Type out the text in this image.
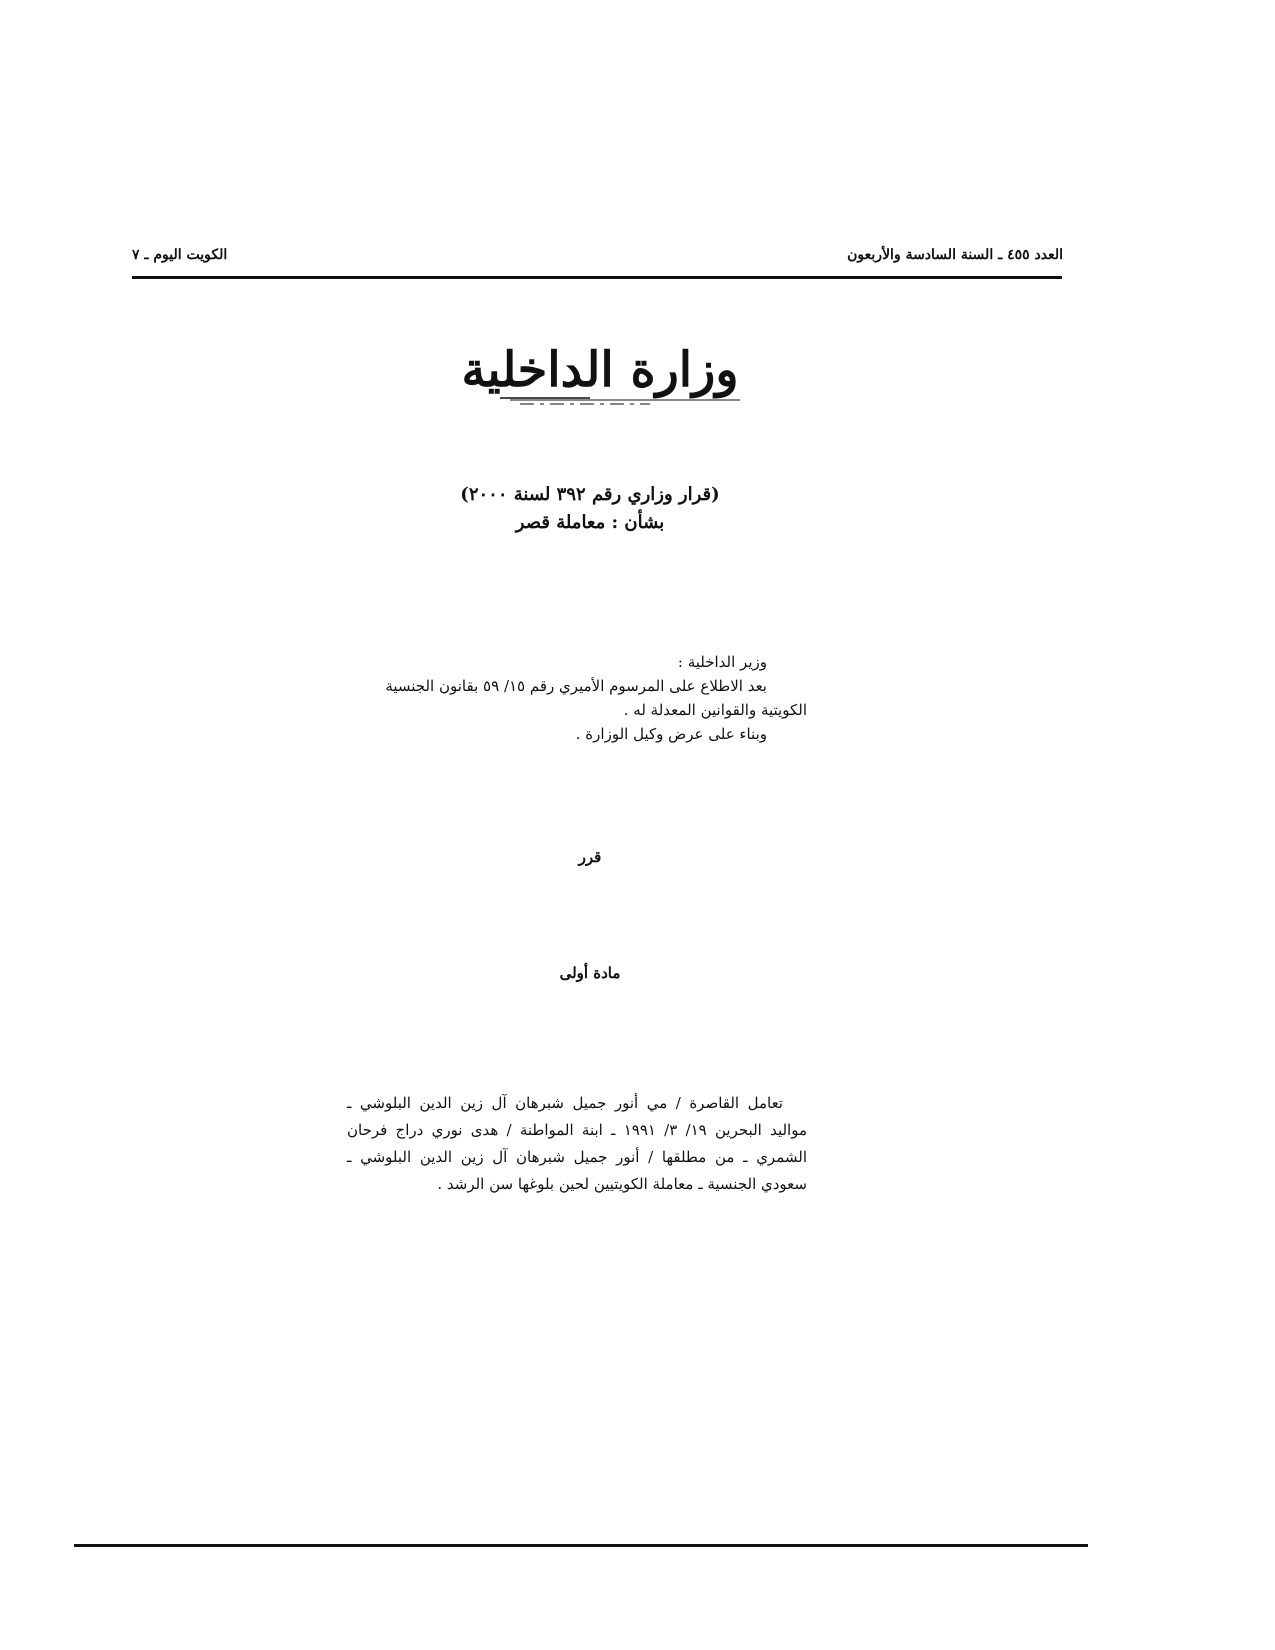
العدد ٤٥٥ ـ السنة السادسة والأربعون
الكويت اليوم ـ ٧
وزارة الداخلية
(قرار وزاري رقم ٣٩٢ لسنة ٢٠٠٠)
بشأن : معاملة قصر
وزير الداخلية :
بعد الاطلاع على المرسوم الأميري رقم ١٥/ ٥٩ بقانون الجنسية
الكويتية والقوانين المعدلة له .
وبناء على عرض وكيل الوزارة .
قرر
مادة أولى
تعامل القاصرة / مي أنور جميل شبرهان آل زين الدين البلوشي ـ مواليد البحرين ١٩/ ٣/ ١٩٩١ ـ ابنة المواطنة / هدى نوري دراج فرحان الشمري ـ من مطلقها / أنور جميل شبرهان آل زين الدين البلوشي ـ سعودي الجنسية ـ معاملة الكويتيين لحين بلوغها سن الرشد .
